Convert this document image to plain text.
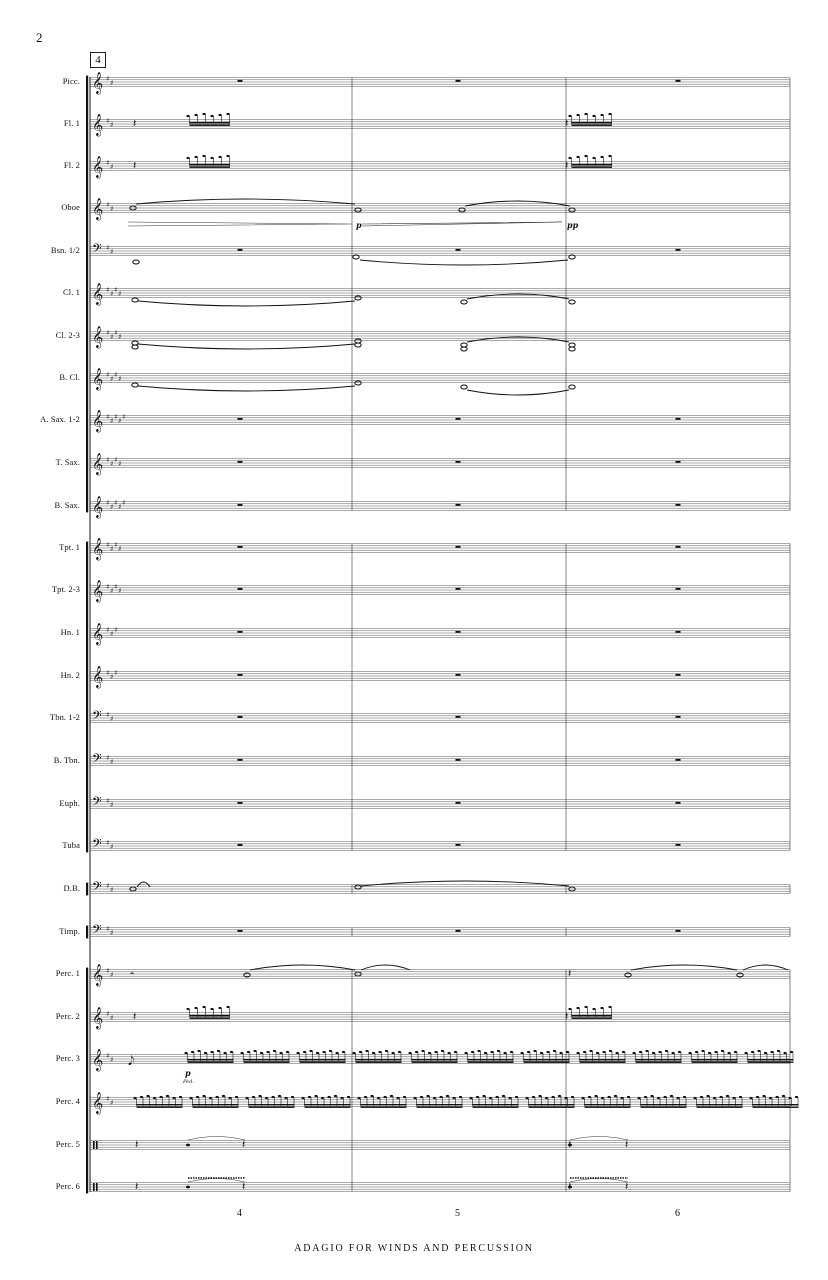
2
4
𝄞 ♯ ♯
𝄞 ♯ ♯
𝄞 ♯ ♯
𝄞 ♯ ♯
𝄢 ♯ ♯
𝄞 ♯ ♯ ♯ ♯
𝄞 ♯ ♯ ♯ ♯
𝄞 ♯ ♯ ♯ ♯
𝄞 ♯ ♯ ♯ ♯ ♯
𝄞 ♯ ♯ ♯ ♯
𝄞 ♯ ♯ ♯ ♯ ♯
𝄞 ♯ ♯ ♯ ♯
𝄞 ♯ ♯ ♯ ♯
𝄞 ♯ ♯ ♯
𝄞 ♯ ♯ ♯
𝄢 ♯ ♯
𝄢 ♯ ♯
𝄢 ♯ ♯
𝄢 ♯ ♯
𝄢 ♯ ♯
𝄢 ♯ ♯
𝄞 ♯ ♯
𝄞 ♯ ♯
𝄞 ♯ ♯
𝄞 ♯ ♯
𝄽	𝄽
𝄽	𝄽
𝄽	𝄽
p	pp
𝄼	𝄽
𝅘𝅥𝅮
p
Ped.
𝄽	𝄽	𝄽
𝄽	𝄽	𝄽
Picc.
Fl. 1
Fl. 2
Oboe
Bsn. 1/2
Cl. 1
Cl. 2-3
B. Cl.
A. Sax. 1-2
T. Sax.
B. Sax.
Tpt. 1
Tpt. 2-3
Hn. 1
Hn. 2
Tbn. 1-2
B. Tbn.
Euph.
Tuba
D.B.
Timp.
Perc. 1
Perc. 2
Perc. 3
Perc. 4
Perc. 5
Perc. 6
4	5	6
ADAGIO FOR WINDS AND PERCUSSION
